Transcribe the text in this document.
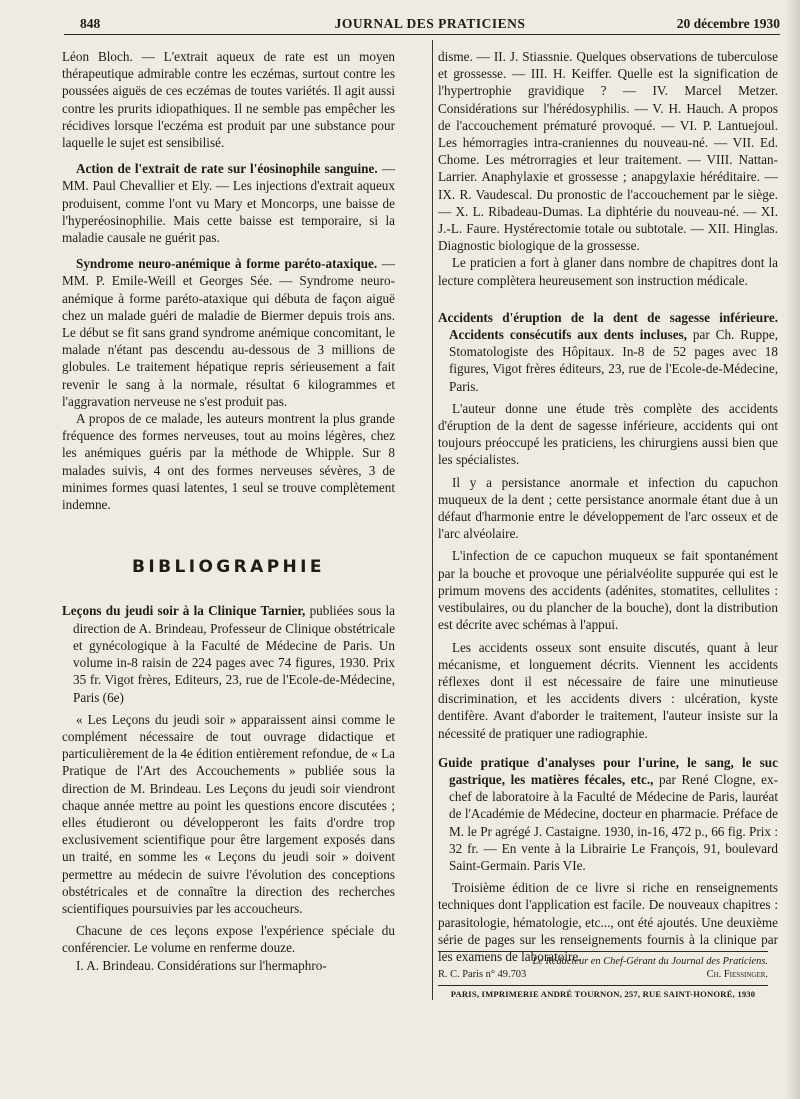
848	JOURNAL DES PRATICIENS	20 décembre 1930

Léon Bloch. — L'extrait aqueux de rate est un moyen thérapeutique admirable contre les eczémas, surtout contre les poussées aiguës de ces eczémas de toutes variétés. Il agit aussi contre les prurits idiopathiques. Il ne semble pas empêcher les récidives lorsque l'eczéma est produit par une substance pour laquelle le sujet est sensibilisé.

Action de l'extrait de rate sur l'éosinophile sanguine. — MM. Paul Chevallier et Ely. — Les injections d'extrait aqueux produisent, comme l'ont vu Mary et Moncorps, une baisse de l'hyperéosinophilie. Mais cette baisse est temporaire, si la maladie causale ne guérit pas.

Syndrome neuro-anémique à forme paréto-ataxique. — MM. P. Emile-Weill et Georges Sée. — Syndrome neuro-anémique à forme paréto-ataxique qui débuta de façon aiguë chez un malade guéri de maladie de Biermer depuis trois ans. Le début se fit sans grand syndrome anémique concomitant, le malade n'étant pas descendu au-dessous de 3 millions de globules. Le traitement hépatique repris sérieusement a fait revenir le sang à la normale, résultat 6 kilogrammes et l'aggravation nerveuse ne s'est produit pas.

A propos de ce malade, les auteurs montrent la plus grande fréquence des formes nerveuses, tout au moins légères, chez les anémiques guéris par la méthode de Whipple. Sur 8 malades suivis, 4 ont des formes nerveuses sévères, 3 de minimes formes quasi latentes, 1 seul se trouve complètement indemne.

BIBLIOGRAPHIE

Leçons du jeudi soir à la Clinique Tarnier, publiées sous la direction de A. Brindeau, Professeur de Clinique obstétricale et gynécologique à la Faculté de Médecine de Paris. Un volume in-8 raisin de 224 pages avec 74 figures, 1930. Prix 35 fr. Vigot frères, Editeurs, 23, rue de l'Ecole-de-Médecine, Paris (6e)

« Les Leçons du jeudi soir » apparaissent ainsi comme le complément nécessaire de tout ouvrage didactique et particulièrement de la 4e édition entièrement refondue, de « La Pratique de l'Art des Accouchements » publiée sous la direction de M. Brindeau. Les Leçons du jeudi soir viendront chaque année mettre au point les questions encore discutées ; elles étudieront ou développeront les faits d'ordre trop exclusivement scientifique pour être largement exposés dans un traité, en somme les « Leçons du jeudi soir » doivent permettre au médecin de suivre l'évolution des conceptions obstétricales et de connaître la direction des recherches scientifiques poursuivies par les accoucheurs.

Chacune de ces leçons expose l'expérience spéciale du conférencier. Le volume en renferme douze.

I. A. Brindeau. Considérations sur l'hermaphro-

disme. — II. J. Stiassnie. Quelques observations de tuberculose et grossesse. — III. H. Keiffer. Quelle est la signification de l'hypertrophie gravidique ? — IV. Marcel Metzer. Considérations sur l'hérédosyphilis. — V. H. Hauch. A propos de l'accouchement prématuré provoqué. — VI. P. Lantuejoul. Les hémorragies intra-craniennes du nouveau-né. — VII. Ed. Chome. Les métrorragies et leur traitement. — VIII. Nattan-Larrier. Anaphylaxie et grossesse ; anapgylaxie héréditaire. — IX. R. Vaudescal. Du pronostic de l'accouchement par le siège. — X. L. Ribadeau-Dumas. La diphtérie du nouveau-né. — XI. J.-L. Faure. Hystérectomie totale ou subtotale. — XII. Hinglas. Diagnostic biologique de la grossesse.

Le praticien a fort à glaner dans nombre de chapitres dont la lecture complètera heureusement son instruction médicale.

Accidents d'éruption de la dent de sagesse inférieure. Accidents consécutifs aux dents incluses, par Ch. Ruppe, Stomatologiste des Hôpitaux. In-8 de 52 pages avec 18 figures, Vigot frères éditeurs, 23, rue de l'Ecole-de-Médecine, Paris.

L'auteur donne une étude très complète des accidents d'éruption de la dent de sagesse inférieure, accidents qui ont toujours préoccupé les praticiens, les chirurgiens aussi bien que les spécialistes.

Il y a persistance anormale et infection du capuchon muqueux de la dent ; cette persistance anormale étant due à un défaut d'harmonie entre le développement de l'arc osseux et de l'arc alvéolaire.

L'infection de ce capuchon muqueux se fait spontanément par la bouche et provoque une périalvéolite suppurée qui est le primum movens des accidents (adénites, stomatites, cellulites : vestibulaires, ou du plancher de la bouche), dont la distribution est décrite avec schémas à l'appui.

Les accidents osseux sont ensuite discutés, quant à leur mécanisme, et longuement décrits. Viennent les accidents réflexes dont il est nécessaire de faire une minutieuse discrimination, et les accidents divers : ulcération, kyste dentifère. Avant d'aborder le traitement, l'auteur insiste sur la nécessité de pratiquer une radiographie.

Guide pratique d'analyses pour l'urine, le sang, le suc gastrique, les matières fécales, etc., par René Clogne, ex-chef de laboratoire à la Faculté de Médecine de Paris, lauréat de l'Académie de Médecine, docteur en pharmacie. Préface de M. le Pr agrégé J. Castaigne. 1930, in-16, 472 p., 66 fig. Prix : 32 fr. — En vente à la Librairie Le François, 91, boulevard Saint-Germain. Paris VIe.

Troisième édition de ce livre si riche en renseignements techniques dont l'application est facile. De nouveaux chapitres : parasitologie, hématologie, etc..., ont été ajoutés. Une deuxième série de pages sur les renseignements fournis à la clinique par les examens de laboratoire.

Le Rédacteur en Chef-Gérant du Journal des Praticiens.
R. C. Paris n° 49.703	Ch. Fiessinger.
PARIS, IMPRIMERIE ANDRÉ TOURNON, 257, RUE SAINT-HONORÉ, 1930
